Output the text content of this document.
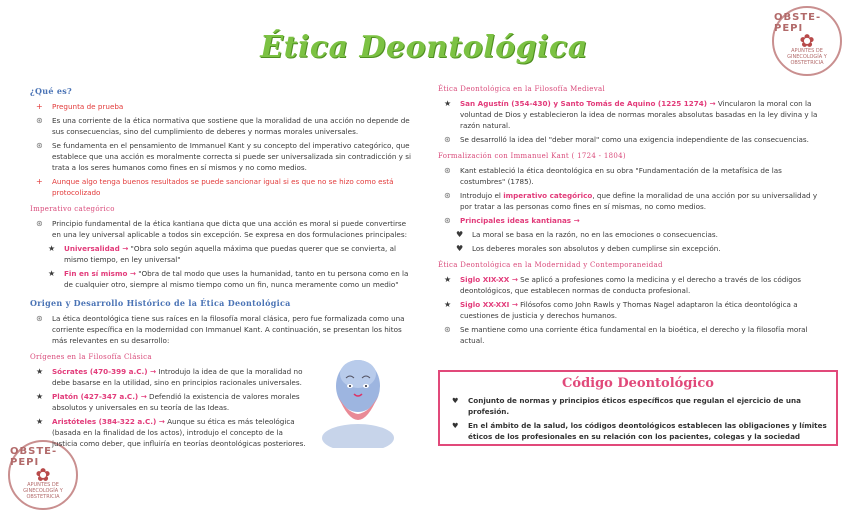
Ética Deontológica
OBSTE-PEPI
✿
APUNTES DE GINECOLOGÍA Y OBSTETRICIA
OBSTE-PEPI
✿
APUNTES DE GINECOLOGÍA Y OBSTETRICIA
¿Qué es?
+ Pregunta de prueba
⊛ Es una corriente de la ética normativa que sostiene que la moralidad de una acción no depende de sus consecuencias, sino del cumplimiento de deberes y normas morales universales.
⊛ Se fundamenta en el pensamiento de Immanuel Kant y su concepto del imperativo categórico, que establece que una acción es moralmente correcta si puede ser universalizada sin contradicción y si trata a los seres humanos como fines en sí mismos y no como medios.
+ Aunque algo tenga buenos resultados se puede sancionar igual si es que no se hizo como está protocolizado
Imperativo categórico
⊛ Principio fundamental de la ética kantiana que dicta que una acción es moral si puede convertirse en una ley universal aplicable a todos sin excepción. Se expresa en dos formulaciones principales:
★ Universalidad → "Obra solo según aquella máxima que puedas querer que se convierta, al mismo tiempo, en ley universal"
★ Fin en sí mismo → "Obra de tal modo que uses la humanidad, tanto en tu persona como en la de cualquier otro, siempre al mismo tiempo como un fin, nunca meramente como un medio"
Origen y Desarrollo Histórico de la Ética Deontológica
⊛ La ética deontológica tiene sus raíces en la filosofía moral clásica, pero fue formalizada como una corriente específica en la modernidad con Immanuel Kant. A continuación, se presentan los hitos más relevantes en su desarrollo:
Orígenes en la Filosofía Clásica
★ Sócrates (470-399 a.C.) → Introdujo la idea de que la moralidad no debe basarse en la utilidad, sino en principios racionales universales.
★ Platón (427-347 a.C.) → Defendió la existencia de valores morales absolutos y universales en su teoría de las Ideas.
★ Aristóteles (384-322 a.C.) → Aunque su ética es más teleológica (basada en la finalidad de los actos), introdujo el concepto de la justicia como deber, que influiría en teorías deontológicas posteriores.
Ética Deontológica en la Filosofía Medieval
★ San Agustín (354-430) y Santo Tomás de Aquino (1225 1274) → Vincularon la moral con la voluntad de Dios y establecieron la idea de normas morales absolutas basadas en la ley divina y la razón natural.
⊛ Se desarrolló la idea del "deber moral" como una exigencia independiente de las consecuencias.
Formalización con Immanuel Kant ( 1724 - 1804)
⊛ Kant estableció la ética deontológica en su obra "Fundamentación de la metafísica de las costumbres" (1785).
⊛ Introdujo el imperativo categórico, que define la moralidad de una acción por su universalidad y por tratar a las personas como fines en sí mismas, no como medios.
⊛ Principales ideas kantianas →
♥ La moral se basa en la razón, no en las emociones o consecuencias.
♥ Los deberes morales son absolutos y deben cumplirse sin excepción.
Ética Deontológica en la Modernidad y Contemporaneidad
★ Siglo XIX-XX → Se aplicó a profesiones como la medicina y el derecho a través de los códigos deontológicos, que establecen normas de conducta profesional.
★ Siglo XX-XXI → Filósofos como John Rawls y Thomas Nagel adaptaron la ética deontológica a cuestiones de justicia y derechos humanos.
⊛ Se mantiene como una corriente ética fundamental en la bioética, el derecho y la filosofía moral actual.
Código Deontológico
♥ Conjunto de normas y principios éticos específicos que regulan el ejercicio de una profesión.
♥ En el ámbito de la salud, los códigos deontológicos establecen las obligaciones y límites éticos de los profesionales en su relación con los pacientes, colegas y la sociedad
